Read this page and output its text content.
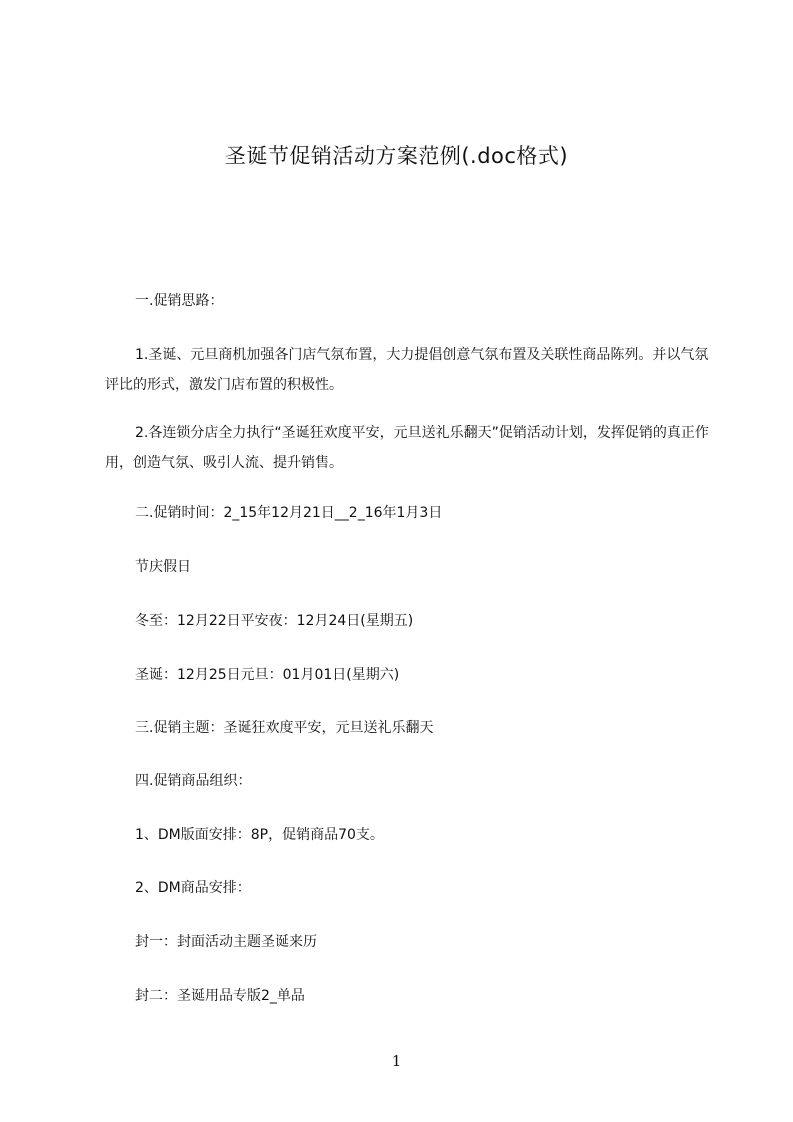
圣诞节促销活动方案范例(.doc格式)

一.促销思路：

1.圣诞、元旦商机加强各门店气氛布置，大力提倡创意气氛布置及关联性商品陈列。并以气氛评比的形式，激发门店布置的积极性。

2.各连锁分店全力执行“圣诞狂欢度平安，元旦送礼乐翻天”促销活动计划，发挥促销的真正作用，创造气氛、吸引人流、提升销售。

二.促销时间：2_15年12月21日__2_16年1月3日

节庆假日

冬至：12月22日平安夜：12月24日(星期五)

圣诞：12月25日元旦：01月01日(星期六)

三.促销主题：圣诞狂欢度平安，元旦送礼乐翻天

四.促销商品组织：

1、DM版面安排：8P，促销商品70支。

2、DM商品安排：

封一：封面活动主题圣诞来历

封二：圣诞用品专版2_单品

1
